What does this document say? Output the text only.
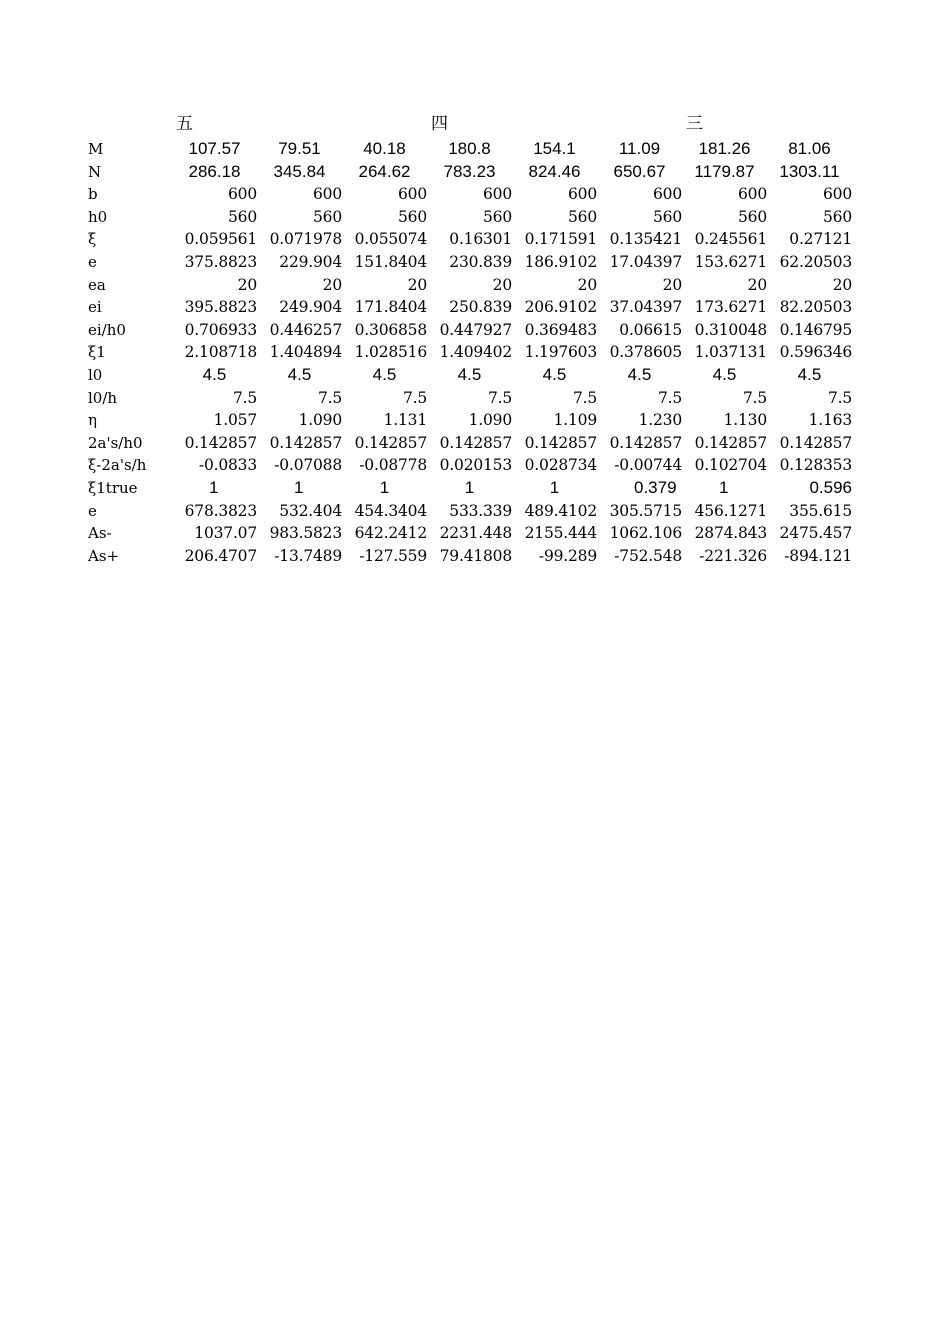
五	四	三
M	107.57	79.51	40.18	180.8	154.1	11.09	181.26	81.06
N	286.18	345.84	264.62	783.23	824.46	650.67	1179.87	1303.11
b	600	600	600	600	600	600	600	600
h0	560	560	560	560	560	560	560	560
ξ	0.059561 0.071978 0.055074	0.16301 0.171591 0.135421 0.245561	0.27121
e	375.8823	229.904 151.8404	230.839 186.9102 17.04397 153.6271 62.20503
ea	20	20	20	20	20	20	20	20
ei	395.8823	249.904 171.8404	250.839 206.9102 37.04397 173.6271 82.20503
ei/h0	0.706933 0.446257 0.306858 0.447927 0.369483	0.06615 0.310048 0.146795
ξ1	2.108718 1.404894 1.028516 1.409402 1.197603 0.378605 1.037131 0.596346
l0	4.5	4.5	4.5	4.5	4.5	4.5	4.5	4.5
l0/h	7.5	7.5	7.5	7.5	7.5	7.5	7.5	7.5
η	1.057	1.090	1.131	1.090	1.109	1.230	1.130	1.163
2a's/h0	0.142857 0.142857 0.142857 0.142857 0.142857 0.142857 0.142857 0.142857
ξ-2a's/h	-0.0833	-0.07088	-0.08778 0.020153 0.028734	-0.00744 0.102704 0.128353
ξ1true	1	1	1	1	1	0.379	1	0.596
e	678.3823	532.404 454.3404	533.339 489.4102 305.5715 456.1271	355.615
As-	1037.07 983.5823 642.2412 2231.448 2155.444 1062.106 2874.843 2475.457
As+	206.4707	-13.7489	-127.559 79.41808	-99.289	-752.548	-221.326	-894.121
